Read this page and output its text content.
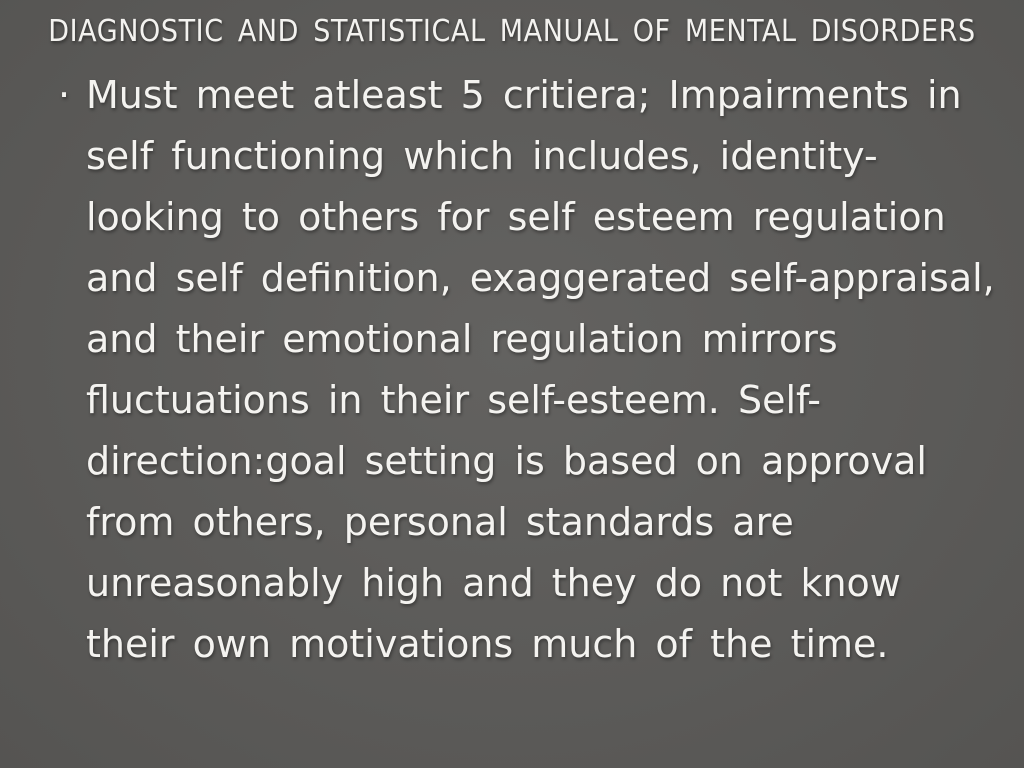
DIAGNOSTIC AND STATISTICAL MANUAL OF MENTAL DISORDERS
· Must meet atleast 5 critiera; Impairments in self functioning which includes, identity-looking to others for self esteem regulation and self definition, exaggerated self-appraisal, and their emotional regulation mirrors fluctuations in their self-esteem. Self-direction:goal setting is based on approval from others, personal standards are unreasonably high and they do not know their own motivations much of the time.
